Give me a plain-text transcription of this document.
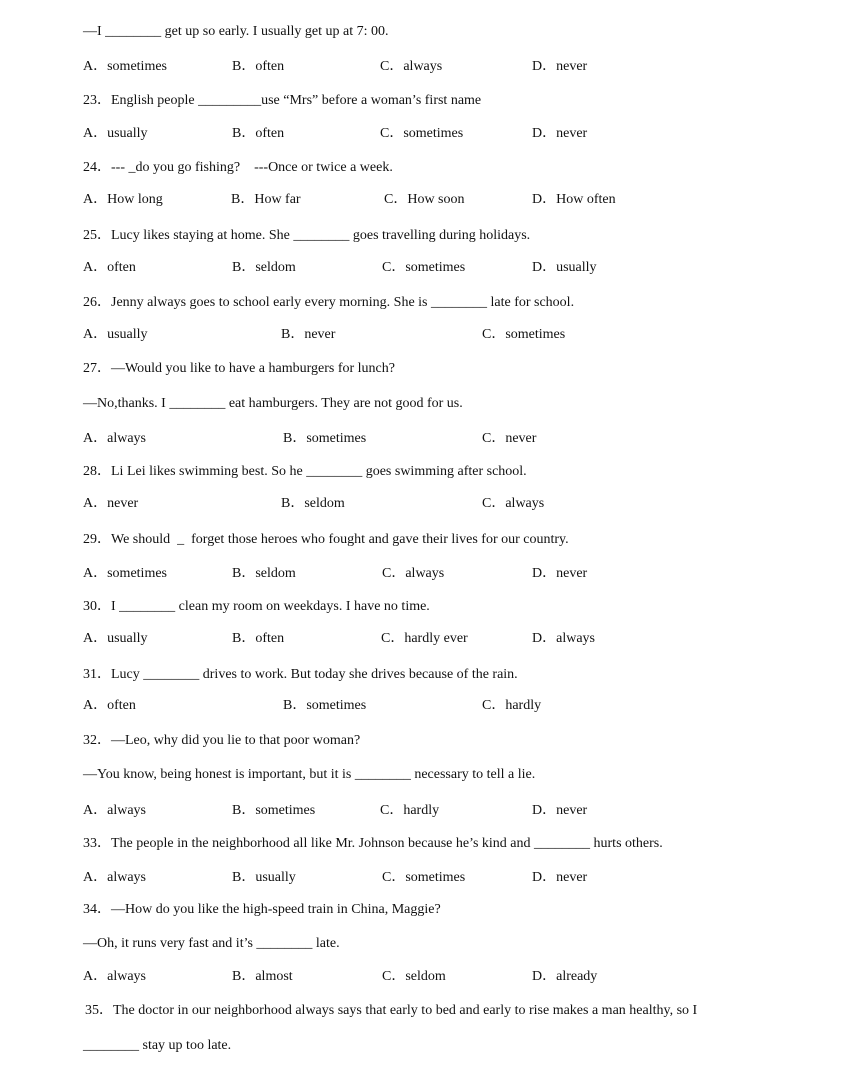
—I ________ get up so early. I usually get up at 7: 00.
A．sometimes	B．often	C．always	D．never
23．English people _________use “Mrs” before a woman’s first name
A．usually	B．often	C．sometimes	D．never
24．--- _do you go fishing?    ---Once or twice a week.
A．How long	B．How far	C．How soon	D．How often
25．Lucy likes staying at home. She ________ goes travelling during holidays.
A．often	B．seldom	C．sometimes	D．usually
26．Jenny always goes to school early every morning. She is ________ late for school.
A．usually	B．never	C．sometimes
27．—Would you like to have a hamburgers for lunch?
—No,thanks. I ________ eat hamburgers. They are not good for us.
A．always	B．sometimes	C．never
28．Li Lei likes swimming best. So he ________ goes swimming after school.
A．never	B．seldom	C．always
29．We should  _  forget those heroes who fought and gave their lives for our country.
A．sometimes	B．seldom	C．always	D．never
30．I ________ clean my room on weekdays. I have no time.
A．usually	B．often	C．hardly ever	D．always
31．Lucy ________ drives to work. But today she drives because of the rain.
A．often	B．sometimes	C．hardly
32．—Leo, why did you lie to that poor woman?
—You know, being honest is important, but it is ________ necessary to tell a lie.
A．always	B．sometimes	C．hardly	D．never
33．The people in the neighborhood all like Mr. Johnson because he’s kind and ________ hurts others.
A．always	B．usually	C．sometimes	D．never
34．—How do you like the high-speed train in China, Maggie?
—Oh, it runs very fast and it’s ________ late.
A．always	B．almost	C．seldom	D．already
35．The doctor in our neighborhood always says that early to bed and early to rise makes a man healthy, so I
________ stay up too late.
